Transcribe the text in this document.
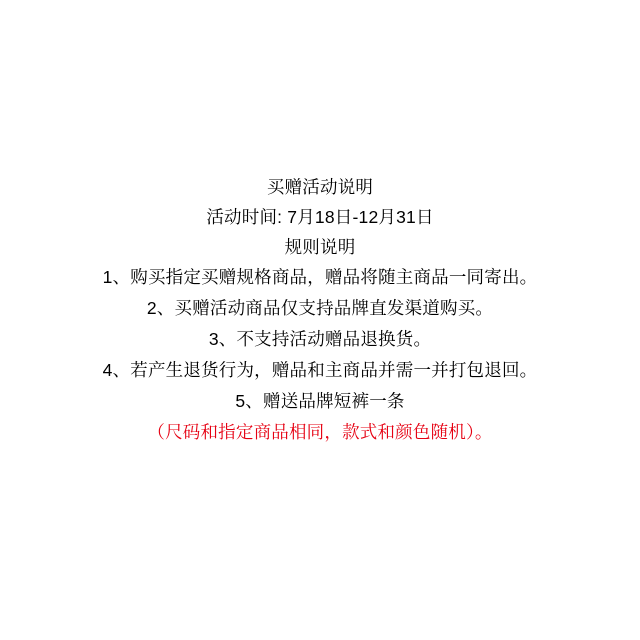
买赠活动说明
活动时间: 7月18日-12月31日
规则说明
1、购买指定买赠规格商品，赠品将随主商品一同寄出。
2、买赠活动商品仅支持品牌直发渠道购买。
3、不支持活动赠品退换货。
4、若产生退货行为，赠品和主商品并需一并打包退回。
5、赠送品牌短裤一条
（尺码和指定商品相同，款式和颜色随机）。
